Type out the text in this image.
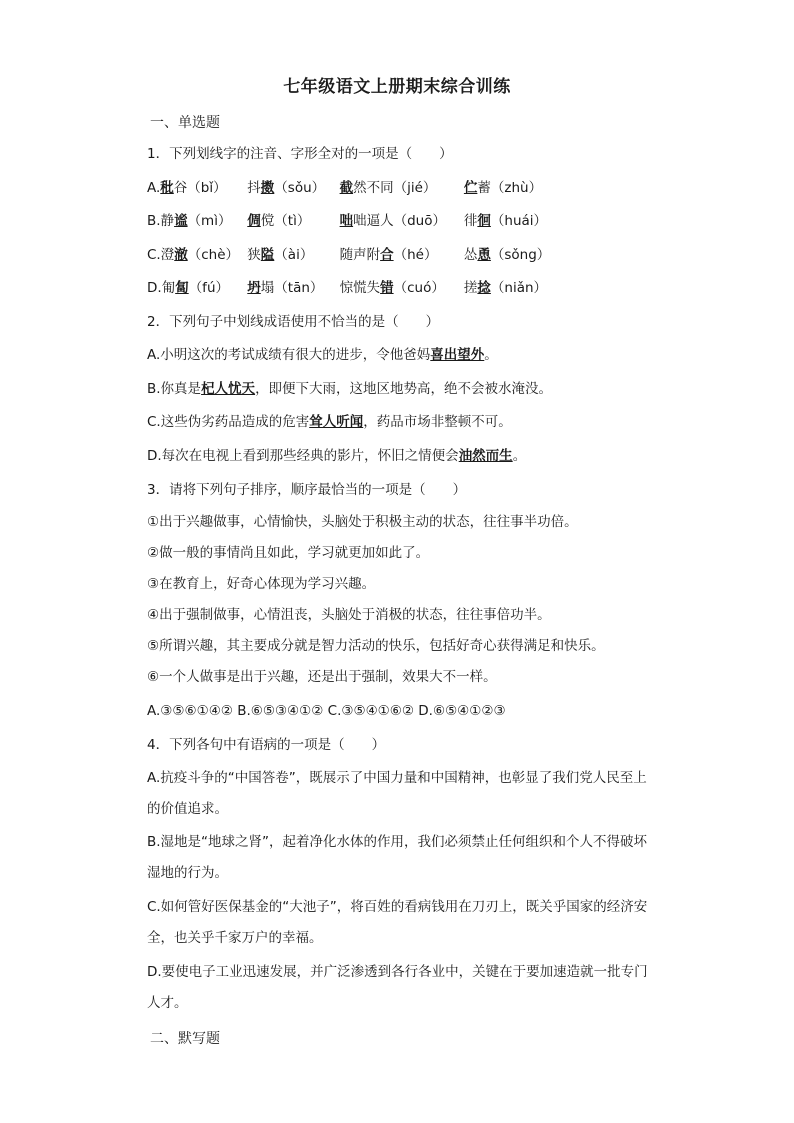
七年级语文上册期末综合训练
一、单选题
1．下列划线字的注音、字形全对的一项是（　　）
A.秕谷（bǐ） 抖擞（sǒu） 截然不同（jié） 伫蓄（zhù）
B.静谧（mì） 倜傥（tì） 咄咄逼人（duō） 徘徊（huái）
C.澄澈（chè） 狭隘（ài） 随声附合（hé） 怂恿（sǒng）
D.匍匐（fú） 坍塌（tān） 惊慌失错（cuó） 搓捻（niǎn）
2．下列句子中划线成语使用不恰当的是（　　）
A.小明这次的考试成绩有很大的进步，令他爸妈喜出望外。
B.你真是杞人忧天，即便下大雨，这地区地势高，绝不会被水淹没。
C.这些伪劣药品造成的危害耸人听闻，药品市场非整顿不可。
D.每次在电视上看到那些经典的影片，怀旧之情便会油然而生。
3．请将下列句子排序，顺序最恰当的一项是（　　）
①出于兴趣做事，心情愉快，头脑处于积极主动的状态，往往事半功倍。
②做一般的事情尚且如此，学习就更加如此了。
③在教育上，好奇心体现为学习兴趣。
④出于强制做事，心情沮丧，头脑处于消极的状态，往往事倍功半。
⑤所谓兴趣，其主要成分就是智力活动的快乐，包括好奇心获得满足和快乐。
⑥一个人做事是出于兴趣，还是出于强制，效果大不一样。
A.③⑤⑥①④② B.⑥⑤③④①② C.③⑤④①⑥② D.⑥⑤④①②③
4．下列各句中有语病的一项是（　　）
A.抗疫斗争的“中国答卷”，既展示了中国力量和中国精神，也彰显了我们党人民至上
的价值追求。
B.湿地是“地球之肾”，起着净化水体的作用，我们必须禁止任何组织和个人不得破坏
湿地的行为。
C.如何管好医保基金的“大池子”，将百姓的看病钱用在刀刃上，既关乎国家的经济安
全，也关乎千家万户的幸福。
D.要使电子工业迅速发展，并广泛渗透到各行各业中，关键在于要加速造就一批专门
人才。
二、默写题
